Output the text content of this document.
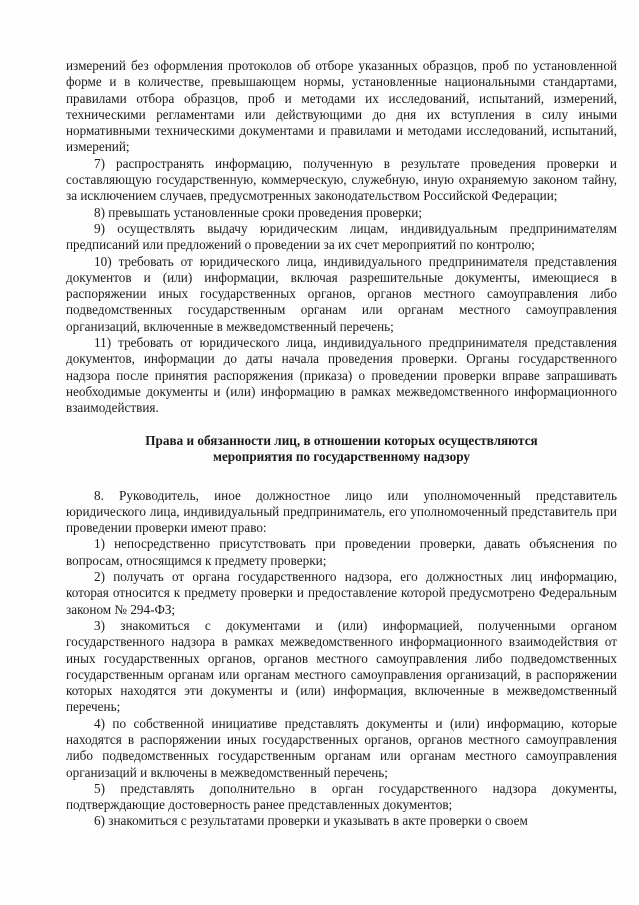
измерений без оформления протоколов об отборе указанных образцов, проб по установленной форме и в количестве, превышающем нормы, установленные национальными стандартами, правилами отбора образцов, проб и методами их исследований, испытаний, измерений, техническими регламентами или действующими до дня их вступления в силу иными нормативными техническими документами и правилами и методами исследований, испытаний, измерений;

7) распространять информацию, полученную в результате проведения проверки и составляющую государственную, коммерческую, служебную, иную охраняемую законом тайну, за исключением случаев, предусмотренных законодательством Российской Федерации;

8) превышать установленные сроки проведения проверки;

9) осуществлять выдачу юридическим лицам, индивидуальным предпринимателям предписаний или предложений о проведении за их счет мероприятий по контролю;

10) требовать от юридического лица, индивидуального предпринимателя представления документов и (или) информации, включая разрешительные документы, имеющиеся в распоряжении иных государственных органов, органов местного самоуправления либо подведомственных государственным органам или органам местного самоуправления организаций, включенные в межведомственный перечень;

11) требовать от юридического лица, индивидуального предпринимателя представления документов, информации до даты начала проведения проверки. Органы государственного надзора после принятия распоряжения (приказа) о проведении проверки вправе запрашивать необходимые документы и (или) информацию в рамках межведомственного информационного взаимодействия.

Права и обязанности лиц, в отношении которых осуществляются
мероприятия по государственному надзору

8. Руководитель, иное должностное лицо или уполномоченный представитель юридического лица, индивидуальный предприниматель, его уполномоченный представитель при проведении проверки имеют право:

1) непосредственно присутствовать при проведении проверки, давать объяснения по вопросам, относящимся к предмету проверки;

2) получать от органа государственного надзора, его должностных лиц информацию, которая относится к предмету проверки и предоставление которой предусмотрено Федеральным законом № 294-ФЗ;

3) знакомиться с документами и (или) информацией, полученными органом государственного надзора в рамках межведомственного информационного взаимодействия от иных государственных органов, органов местного самоуправления либо подведомственных государственным органам или органам местного самоуправления организаций, в распоряжении которых находятся эти документы и (или) информация, включенные в межведомственный перечень;

4) по собственной инициативе представлять документы и (или) информацию, которые находятся в распоряжении иных государственных органов, органов местного самоуправления либо подведомственных государственным органам или органам местного самоуправления организаций и включены в межведомственный перечень;

5) представлять дополнительно в орган государственного надзора документы, подтверждающие достоверность ранее представленных документов;

6) знакомиться с результатами проверки и указывать в акте проверки о своем
